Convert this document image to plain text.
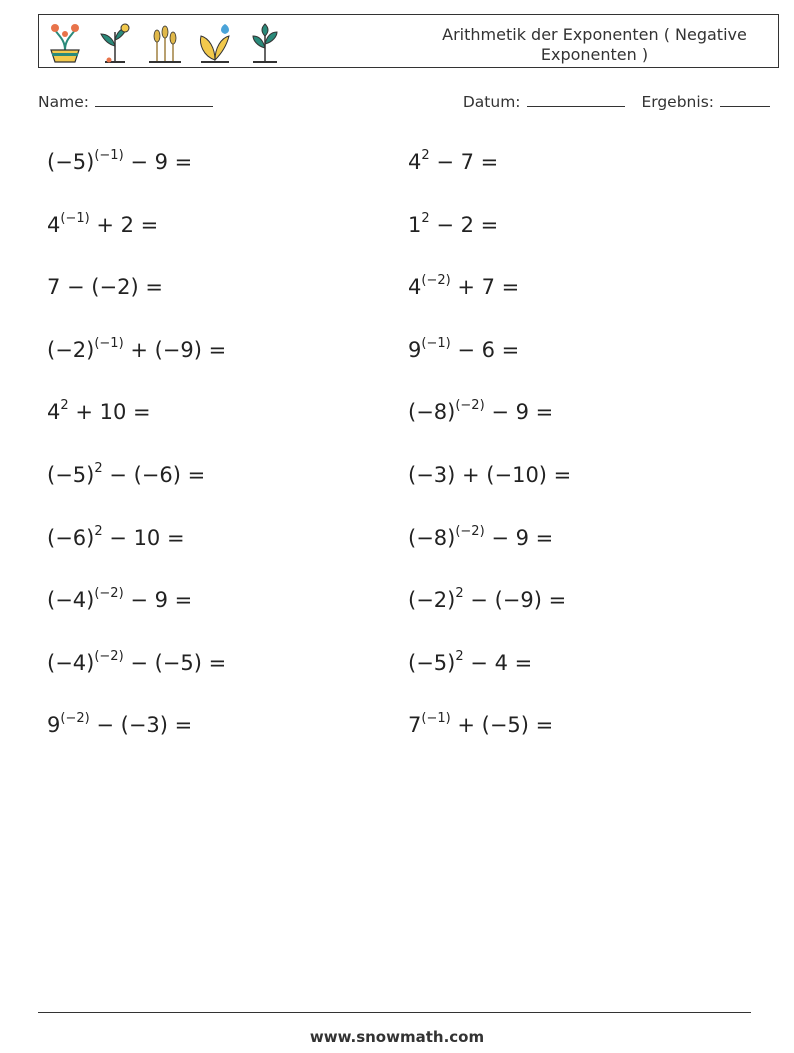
Arithmetik der Exponenten ( Negative Exponenten )
Name:	Datum:	Ergebnis:
$(-5)^{(-1)} - 9$ =	$4^2 - 7$ =
$4^{(-1)} + 2$ =	$1^2 - 2$ =
7 − (−2) =	$4^{(-2)} + 7$ =
$(-2)^{(-1)} + (-9)$ =	$9^{(-1)} - 6$ =
$4^2 + 10$ =	$(-8)^{(-2)} - 9$ =
$(-5)^2 - (-6)$ =	(−3) + (−10) =
$(-6)^2 - 10$ =	$(-8)^{(-2)} - 9$ =
$(-4)^{(-2)} - 9$ =	$(-2)^2 - (-9)$ =
$(-4)^{(-2)} - (-5)$ =	$(-5)^2 - 4$ =
$9^{(-2)} - (-3)$ =	$7^{(-1)} + (-5)$ =
www.snowmath.com
